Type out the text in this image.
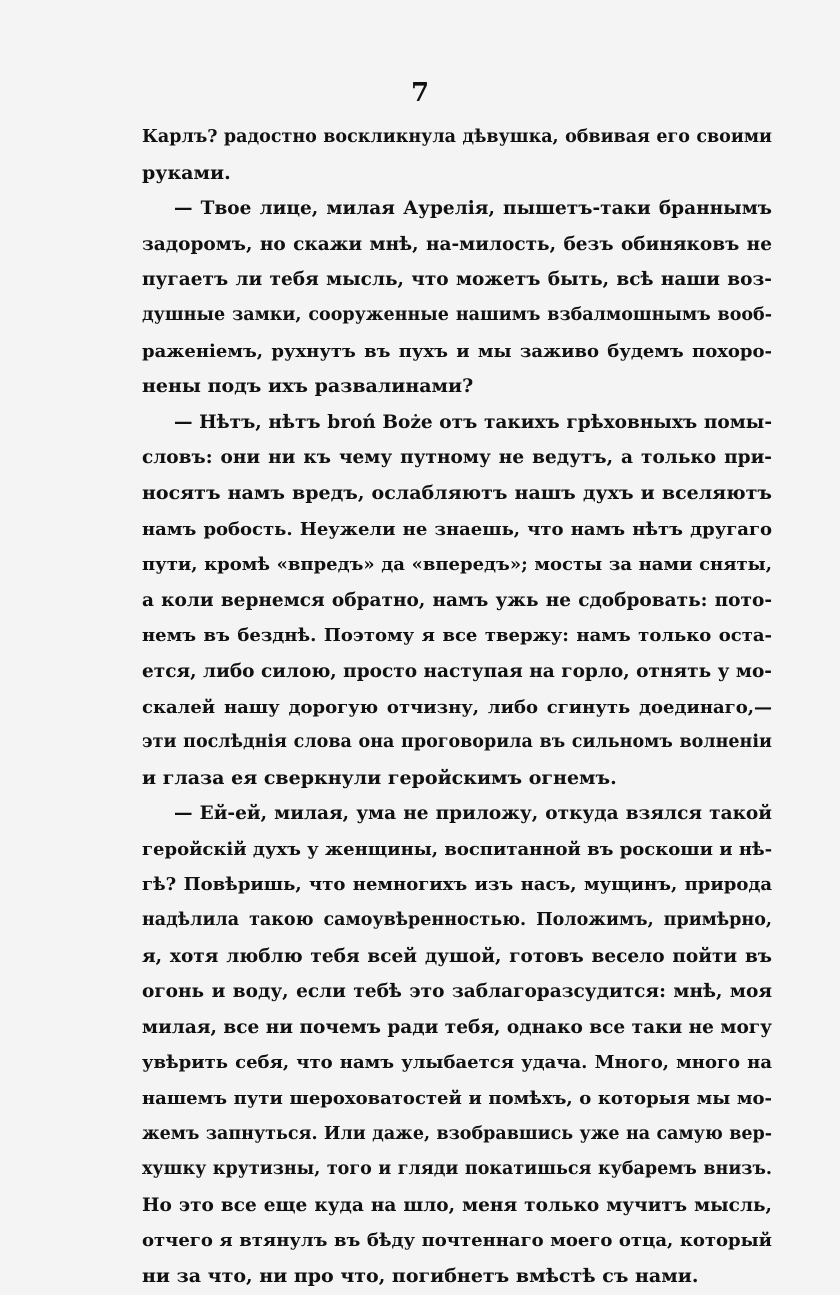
7

Карлъ? радостно воскликнула дѣвушка, обвивая его своими
руками.
— Твое лице, милая Аурелія, пышетъ-таки браннымъ
задоромъ, но скажи мнѣ, на-милость, безъ обиняковъ не
пугаетъ ли тебя мысль, что можетъ быть, всѣ наши воз-
душные замки, сооруженные нашимъ взбалмошнымъ вооб-
раженіемъ, рухнутъ въ пухъ и мы заживо будемъ похоро-
нены подъ ихъ развалинами?
— Нѣтъ, нѣтъ broń Boże отъ такихъ грѣховныхъ помы-
словъ: они ни къ чему путному не ведутъ, а только при-
носятъ намъ вредъ, ослабляютъ нашъ духъ и вселяютъ
намъ робость. Неужели не знаешь, что намъ нѣтъ другаго
пути, кромѣ «впредъ» да «впередъ»; мосты за нами сняты,
а коли вернемся обратно, намъ ужь не сдобровать: пото-
немъ въ безднѣ. Поэтому я все твержу: намъ только оста-
ется, либо силою, просто наступая на горло, отнять у мо-
скалей нашу дорогую отчизну, либо сгинуть доединаго,—
эти послѣднія слова она проговорила въ сильномъ волненіи
и глаза ея сверкнули геройскимъ огнемъ.
— Ей-ей, милая, ума не приложу, откуда взялся такой
геройскій духъ у женщины, воспитанной въ роскоши и нѣ-
гѣ? Повѣришь, что немногихъ изъ насъ, мущинъ, природа
надѣлила такою самоувѣренностью. Положимъ, примѣрно,
я, хотя люблю тебя всей душой, готовъ весело пойти въ
огонь и воду, если тебѣ это заблагоразсудится: мнѣ, моя
милая, все ни почемъ ради тебя, однако все таки не могу
увѣрить себя, что намъ улыбается удача. Много, много на
нашемъ пути шероховатостей и помѣхъ, о которыя мы мо-
жемъ запнуться. Или даже, взобравшись уже на самую вер-
хушку крутизны, того и гляди покатишься кубаремъ внизъ.
Но это все еще куда на шло, меня только мучитъ мысль,
отчего я втянулъ въ бѣду почтеннаго моего отца, который
ни за что, ни про что, погибнетъ вмѣстѣ съ нами.
